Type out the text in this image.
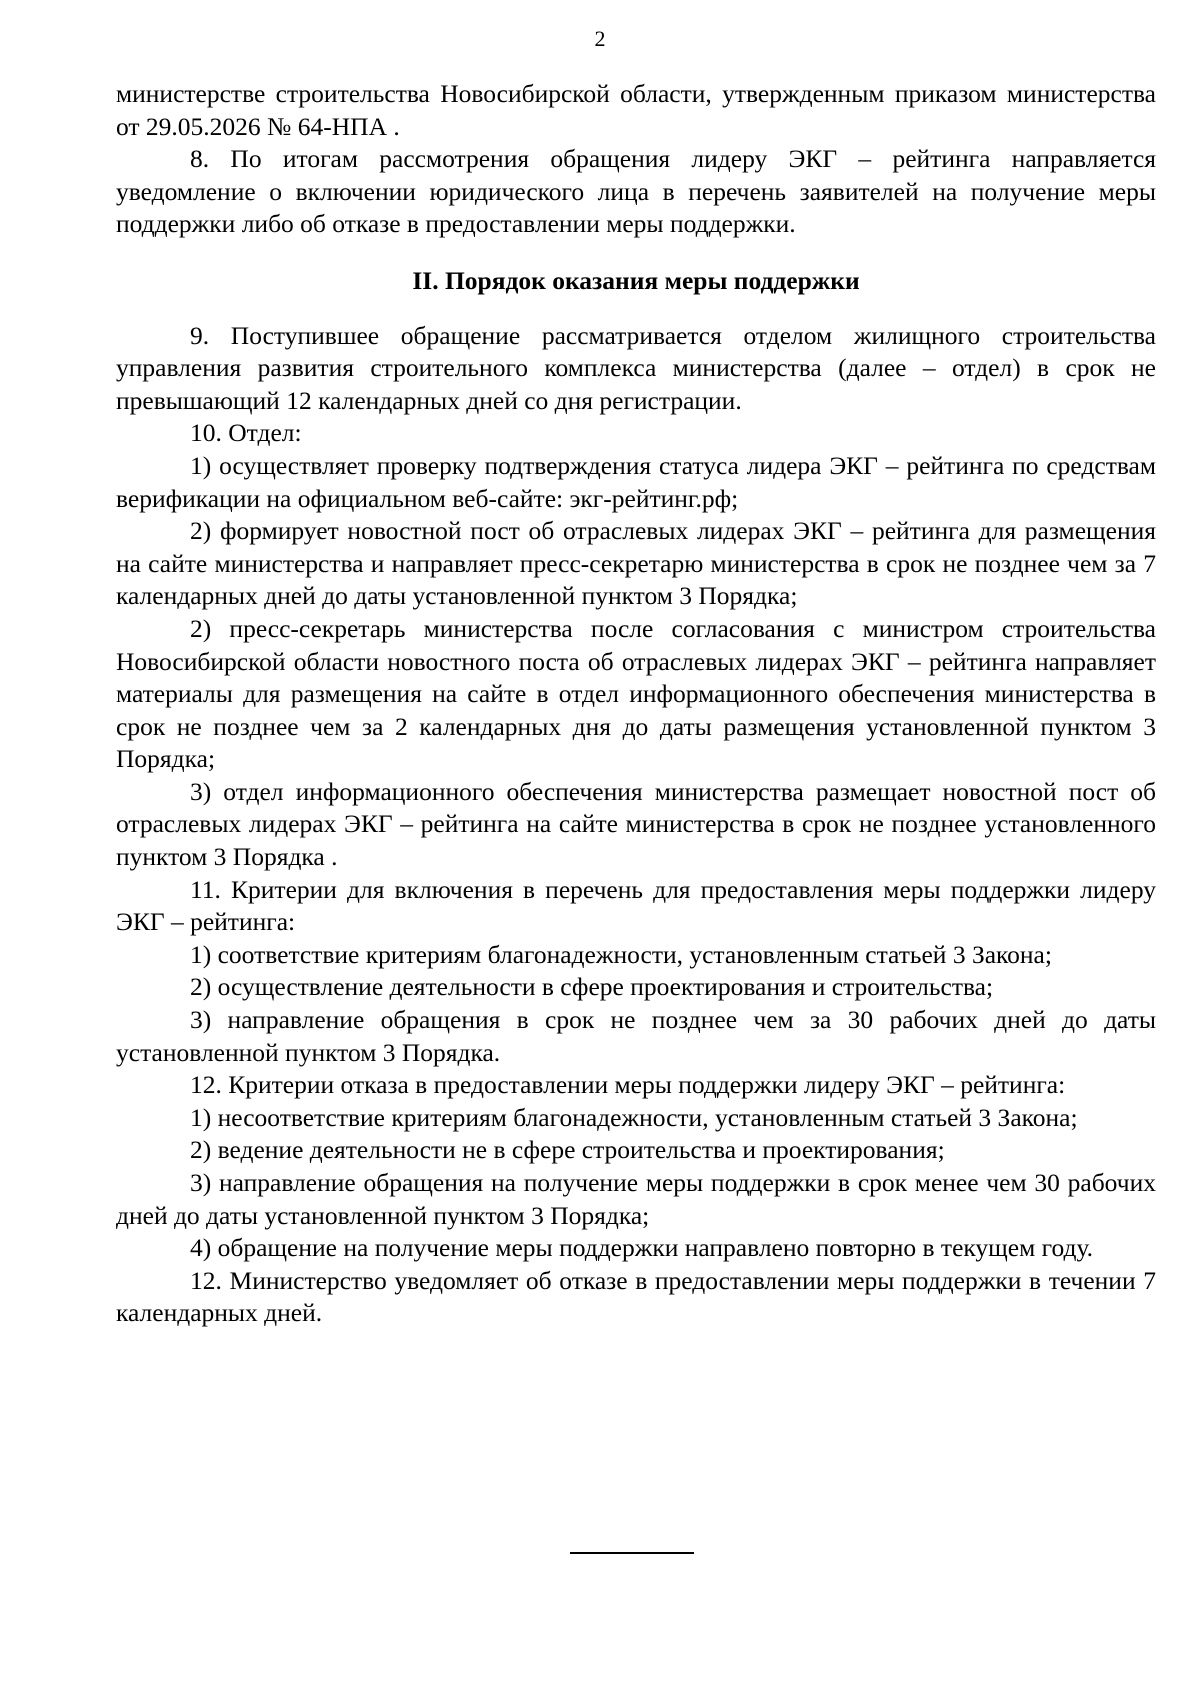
2

министерстве строительства Новосибирской области, утвержденным приказом министерства от 29.05.2026 № 64-НПА .

8. По итогам рассмотрения обращения лидеру ЭКГ – рейтинга направляется уведомление о включении юридического лица в перечень заявителей на получение меры поддержки либо об отказе в предоставлении меры поддержки.

II. Порядок оказания меры поддержки

9. Поступившее обращение рассматривается отделом жилищного строительства управления развития строительного комплекса министерства (далее – отдел) в срок не превышающий 12 календарных дней со дня регистрации.

10. Отдел:

1) осуществляет проверку подтверждения статуса лидера ЭКГ – рейтинга по средствам верификации на официальном веб-сайте: экг-рейтинг.рф;

2) формирует новостной пост об отраслевых лидерах ЭКГ – рейтинга для размещения на сайте министерства и направляет пресс-секретарю министерства в срок не позднее чем за 7 календарных дней до даты установленной пунктом 3 Порядка;

2) пресс-секретарь министерства после согласования с министром строительства Новосибирской области новостного поста об отраслевых лидерах ЭКГ – рейтинга направляет материалы для размещения на сайте в отдел информационного обеспечения министерства в срок не позднее чем за 2 календарных дня до даты размещения установленной пунктом 3 Порядка;

3) отдел информационного обеспечения министерства размещает новостной пост об отраслевых лидерах ЭКГ – рейтинга на сайте министерства в срок не позднее установленного пунктом 3 Порядка .

11. Критерии для включения в перечень для предоставления меры поддержки лидеру ЭКГ – рейтинга:

1) соответствие критериям благонадежности, установленным статьей 3 Закона;

2) осуществление деятельности в сфере проектирования и строительства;

3) направление обращения в срок не позднее чем за 30 рабочих дней до даты установленной пунктом 3 Порядка.

12. Критерии отказа в предоставлении меры поддержки лидеру ЭКГ – рейтинга:

1) несоответствие критериям благонадежности, установленным статьей 3 Закона;

2) ведение деятельности не в сфере строительства и проектирования;

3) направление обращения на получение меры поддержки в срок менее чем 30 рабочих дней до даты установленной пунктом 3 Порядка;

4) обращение на получение меры поддержки направлено повторно в текущем году.

12. Министерство уведомляет об отказе в предоставлении меры поддержки в течении 7 календарных дней.
